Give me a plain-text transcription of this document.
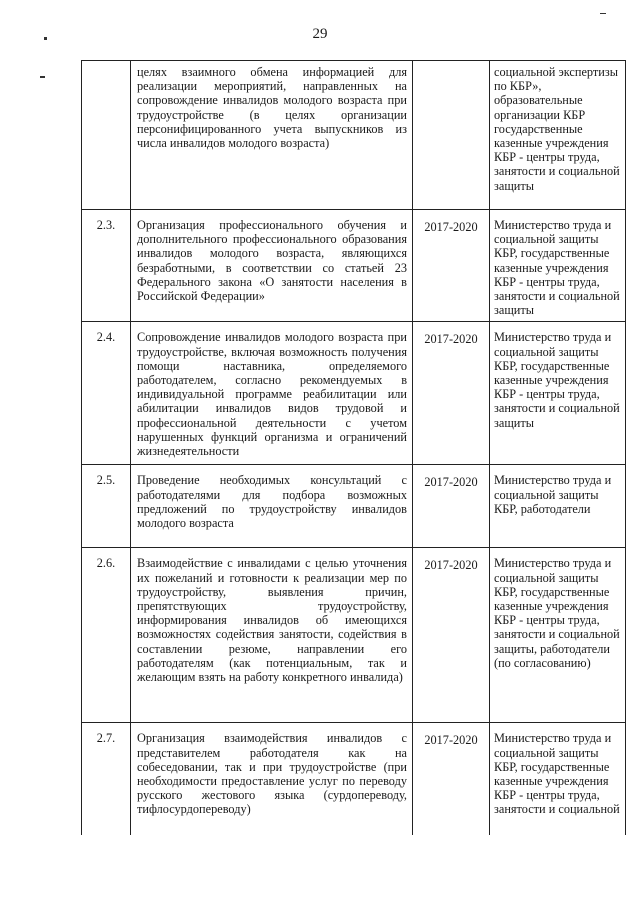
29
	целях взаимного обмена информацией для реализации мероприятий, направленных на сопровождение инвалидов молодого возраста при трудоустройстве (в целях организации персонифицированного учета выпускников из числа инвалидов молодого возраста)		социальной экспертизы по КБР», образовательные организации КБР государственные казенные учреждения КБР - центры труда, занятости и социальной защиты
2.3.	Организация профессионального обучения и дополнительного профессионального образования инвалидов молодого возраста, являющихся безработными, в соответствии со статьей 23 Федерального закона «О занятости населения в Российской Федерации»	2017-2020	Министерство труда и социальной защиты КБР, государственные казенные учреждения КБР - центры труда, занятости и социальной защиты
2.4.	Сопровождение инвалидов молодого возраста при трудоустройстве, включая возможность получения помощи наставника, определяемого работодателем, согласно рекомендуемых в индивидуальной программе реабилитации или абилитации инвалидов видов трудовой и профессиональной деятельности с учетом нарушенных функций организма и ограничений жизнедеятельности	2017-2020	Министерство труда и социальной защиты КБР, государственные казенные учреждения КБР - центры труда, занятости и социальной защиты
2.5.	Проведение необходимых консультаций с работодателями для подбора возможных предложений по трудоустройству инвалидов молодого возраста	2017-2020	Министерство труда и социальной защиты КБР, работодатели
2.6.	Взаимодействие с инвалидами с целью уточнения их пожеланий и готовности к реализации мер по трудоустройству, выявления причин, препятствующих трудоустройству, информирования инвалидов об имеющихся возможностях содействия занятости, содействия в составлении резюме, направлении его работодателям (как потенциальным, так и желающим взять на работу конкретного инвалида)	2017-2020	Министерство труда и социальной защиты КБР, государственные казенные учреждения КБР - центры труда, занятости и социальной защиты, работодатели (по согласованию)
2.7.	Организация взаимодействия инвалидов с представителем работодателя как на собеседовании, так и при трудоустройстве (при необходимости предоставление услуг по переводу русского жестового языка (сурдопереводу, тифлосурдопереводу)	2017-2020	Министерство труда и социальной защиты КБР, государственные казенные учреждения КБР - центры труда, занятости и социальной
